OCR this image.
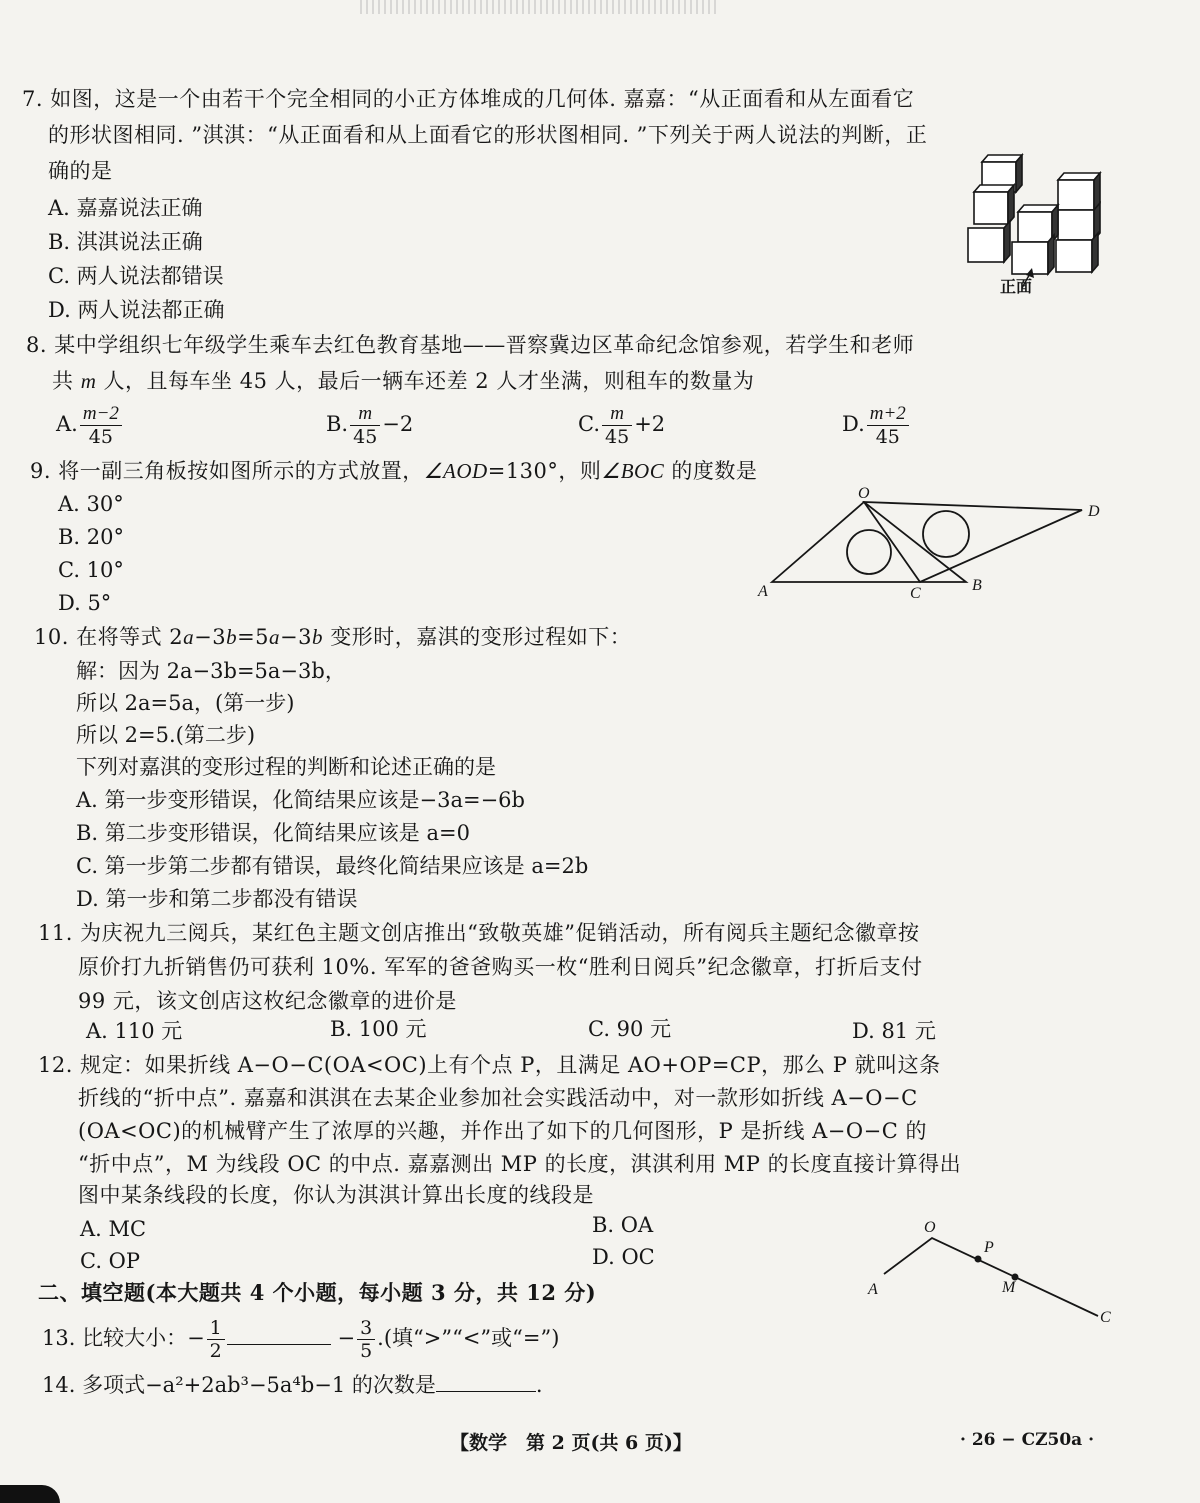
7. 如图，这是一个由若干个完全相同的小正方体堆成的几何体. 嘉嘉：“从正面看和从左面看它
的形状图相同. ”淇淇：“从正面看和从上面看它的形状图相同. ”下列关于两人说法的判断，正
确的是
A. 嘉嘉说法正确
B. 淇淇说法正确
C. 两人说法都错误
D. 两人说法都正确
正面
8. 某中学组织七年级学生乘车去红色教育基地——晋察冀边区革命纪念馆参观，若学生和老师
共 m 人，且每车坐 45 人，最后一辆车还差 2 人才坐满，则租车的数量为
A. $\frac{m-2}{45}$	B. $\frac{m}{45} -2$	C. $\frac{m}{45} +2$	D. $\frac{m+2}{45}$
9. 将一副三角板按如图所示的方式放置，∠AOD=130°，则∠BOC 的度数是
A. 30°
B. 20°
C. 10°
D. 5°
O
D
A	C	B
10. 在将等式 2a−3b=5a−3b 变形时，嘉淇的变形过程如下：
解：因为 2a−3b=5a−3b，
所以 2a=5a，(第一步)
所以 2=5.(第二步)
下列对嘉淇的变形过程的判断和论述正确的是
A. 第一步变形错误，化简结果应该是−3a=−6b
B. 第二步变形错误，化简结果应该是 a=0
C. 第一步第二步都有错误，最终化简结果应该是 a=2b
D. 第一步和第二步都没有错误
11. 为庆祝九三阅兵，某红色主题文创店推出“致敬英雄”促销活动，所有阅兵主题纪念徽章按
原价打九折销售仍可获利 10%. 军军的爸爸购买一枚“胜利日阅兵”纪念徽章，打折后支付
99 元，该文创店这枚纪念徽章的进价是
A. 110 元	B. 100 元	C. 90 元	D. 81 元
12. 规定：如果折线 A−O−C(OA<OC)上有个点 P，且满足 AO+OP=CP，那么 P 就叫这条
折线的“折中点”. 嘉嘉和淇淇在去某企业参加社会实践活动中，对一款形如折线 A−O−C
(OA<OC)的机械臂产生了浓厚的兴趣，并作出了如下的几何图形，P 是折线 A−O−C 的
“折中点”，M 为线段 OC 的中点. 嘉嘉测出 MP 的长度，淇淇利用 MP 的长度直接计算得出
图中某条线段的长度，你认为淇淇计算出长度的线段是
A. MC	B. OA
C. OP	D. OC
O
P
M
A
C
二、填空题(本大题共 4 个小题，每小题 3 分，共 12 分)
13. 比较大小：− $\frac{1}{2}$	− $\frac{3}{5}$ .(填“>”“<”或“=”)
14. 多项式−a²+2ab³−5a⁴b−1 的次数是	.
【数学　第 2 页(共 6 页)】	· 26 − CZ50a ·
